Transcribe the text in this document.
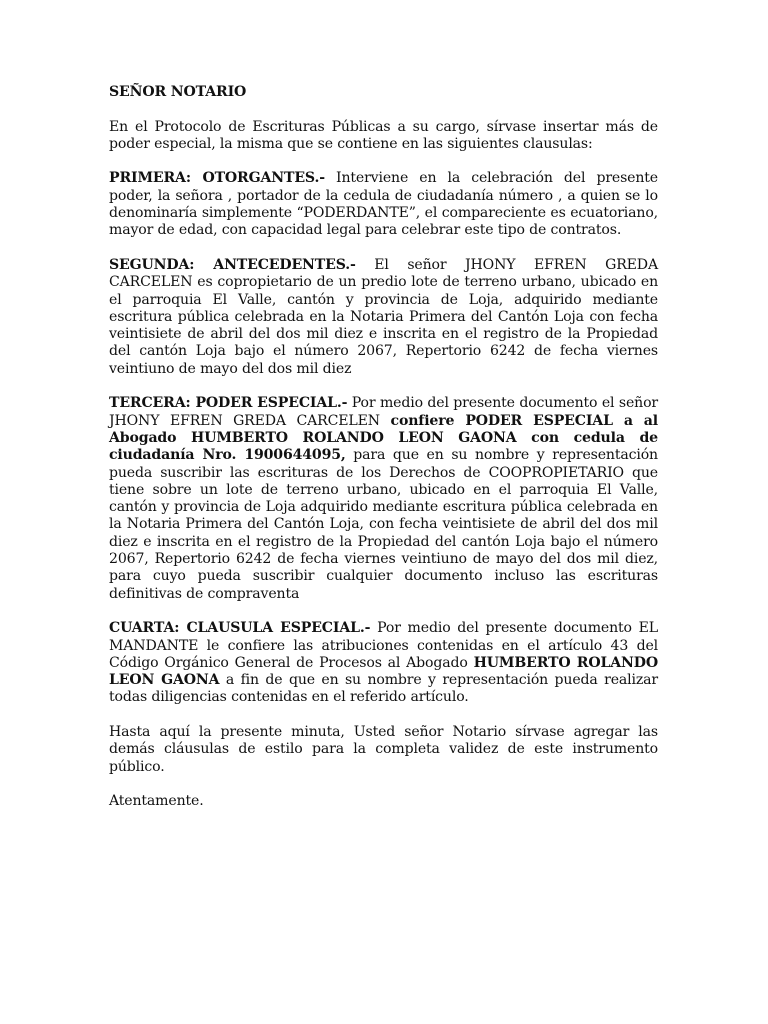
SEÑOR NOTARIO

En el Protocolo de Escrituras Públicas a su cargo, sírvase insertar más de poder especial, la misma que se contiene en las siguientes clausulas:

PRIMERA: OTORGANTES.- Interviene en la celebración del presente poder, la señora , portador de la cedula de ciudadanía número , a quien se lo denominaría simplemente “PODERDANTE”, el compareciente es ecuatoriano, mayor de edad, con capacidad legal para celebrar este tipo de contratos.

SEGUNDA: ANTECEDENTES.- El señor JHONY EFREN GREDA CARCELEN es copropietario de un predio lote de terreno urbano, ubicado en el parroquia El Valle, cantón y provincia de Loja, adquirido mediante escritura pública celebrada en la Notaria Primera del Cantón Loja con fecha veintisiete de abril del dos mil diez e inscrita en el registro de la Propiedad del cantón Loja bajo el número 2067, Repertorio 6242 de fecha viernes veintiuno de mayo del dos mil diez

TERCERA: PODER ESPECIAL.- Por medio del presente documento el señor JHONY EFREN GREDA CARCELEN confiere PODER ESPECIAL a al Abogado HUMBERTO ROLANDO LEON GAONA con cedula de ciudadanía Nro. 1900644095, para que en su nombre y representación pueda suscribir las escrituras de los Derechos de COOPROPIETARIO que tiene sobre un lote de terreno urbano, ubicado en el parroquia El Valle, cantón y provincia de Loja adquirido mediante escritura pública celebrada en la Notaria Primera del Cantón Loja, con fecha veintisiete de abril del dos mil diez e inscrita en el registro de la Propiedad del cantón Loja bajo el número 2067, Repertorio 6242 de fecha viernes veintiuno de mayo del dos mil diez, para cuyo pueda suscribir cualquier documento incluso las escrituras definitivas de compraventa

CUARTA: CLAUSULA ESPECIAL.- Por medio del presente documento EL MANDANTE le confiere las atribuciones contenidas en el artículo 43 del Código Orgánico General de Procesos al Abogado HUMBERTO ROLANDO LEON GAONA a fin de que en su nombre y representación pueda realizar todas diligencias contenidas en el referido artículo.

Hasta aquí la presente minuta, Usted señor Notario sírvase agregar las demás cláusulas de estilo para la completa validez de este instrumento público.

Atentamente.
